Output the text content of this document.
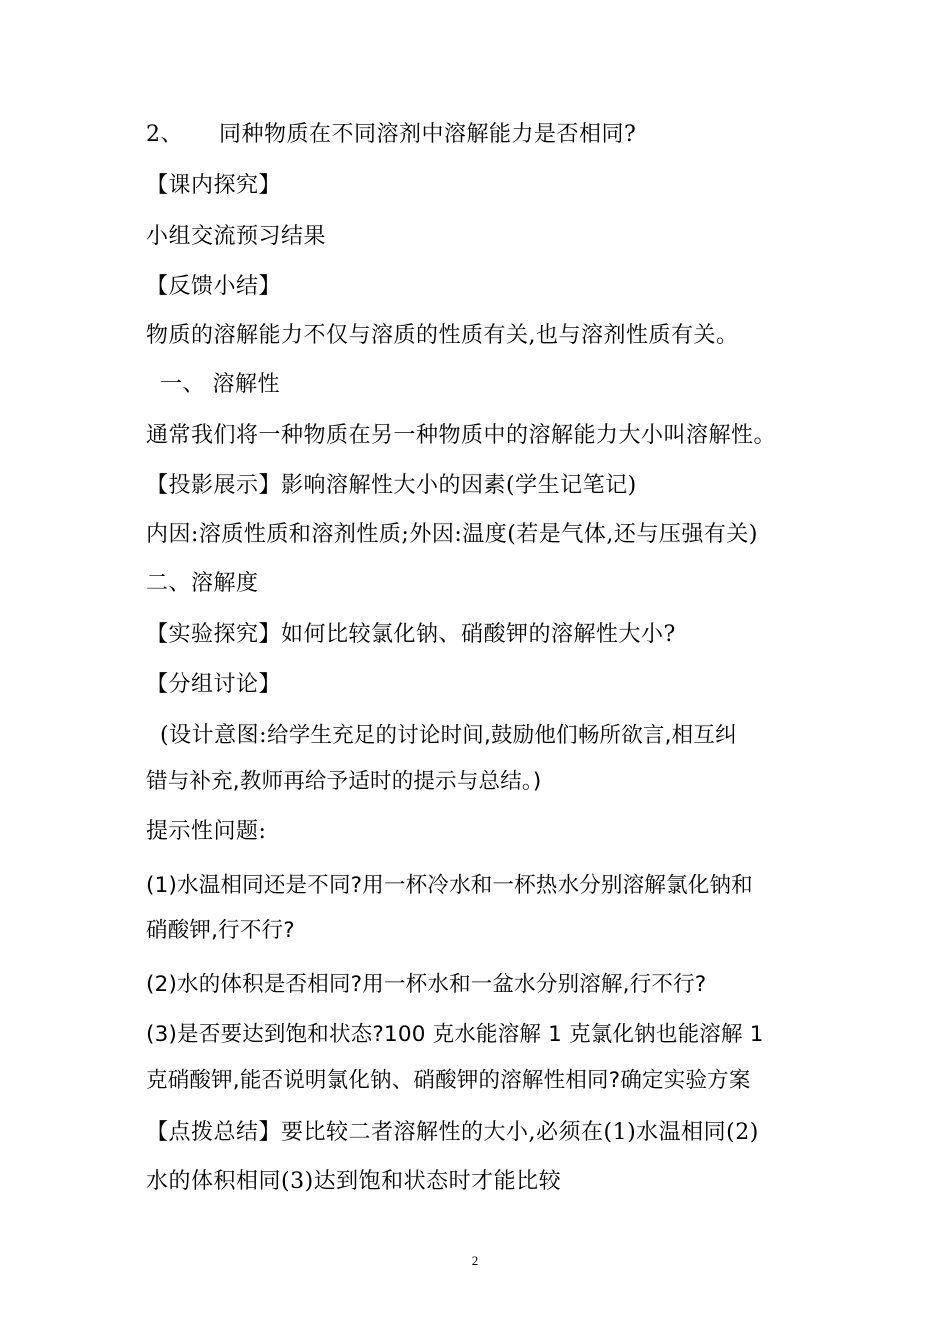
2、 同种物质在不同溶剂中溶解能力是否相同?
【课内探究】
小组交流预习结果
【反馈小结】
物质的溶解能力不仅与溶质的性质有关,也与溶剂性质有关。
一、 溶解性
通常我们将一种物质在另一种物质中的溶解能力大小叫溶解性。
【投影展示】影响溶解性大小的因素(学生记笔记)
内因:溶质性质和溶剂性质;外因:温度(若是气体,还与压强有关)
二、溶解度
【实验探究】如何比较氯化钠、硝酸钾的溶解性大小?
【分组讨论】
(设计意图:给学生充足的讨论时间,鼓励他们畅所欲言,相互纠
错与补充,教师再给予适时的提示与总结。)
提示性问题:
(1)水温相同还是不同?用一杯冷水和一杯热水分别溶解氯化钠和
硝酸钾,行不行?
(2)水的体积是否相同?用一杯水和一盆水分别溶解,行不行?
(3)是否要达到饱和状态?100 克水能溶解 1 克氯化钠也能溶解 1
克硝酸钾,能否说明氯化钠、硝酸钾的溶解性相同?确定实验方案
【点拨总结】要比较二者溶解性的大小,必须在(1)水温相同(2)
水的体积相同(3)达到饱和状态时才能比较
2
